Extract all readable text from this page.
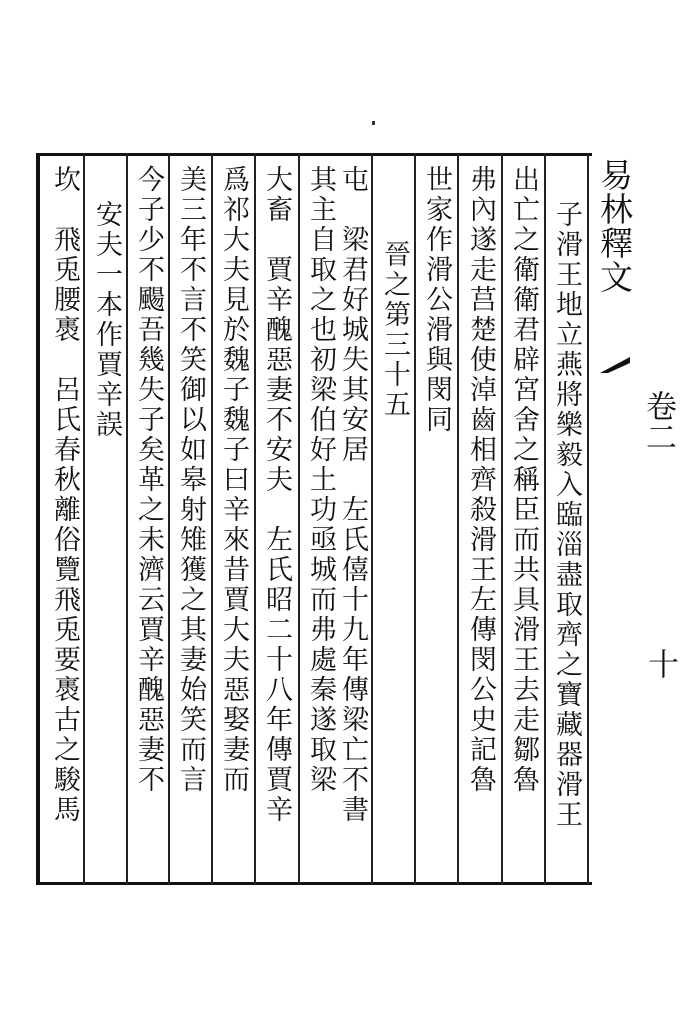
子滑王地立燕將樂毅入臨淄盡取齊之寶藏器滑王
出亡之衛衛君辟宮舍之稱臣而共具滑王去走鄒魯
弗內遂走莒楚使淖齒相齊殺滑王左傳閔公史記魯
世家作滑公滑與閔同
晉之第三十五
屯　梁君好城失其安居　左氏僖十九年傳梁亡不書
其主自取之也初梁伯好土功亟城而弗處秦遂取梁
大畜　賈辛醜惡妻不安夫　左氏昭二十八年傳賈辛
爲祁大夫見於魏子魏子曰辛來昔賈大夫惡娶妻而
美三年不言不笑御以如皋射雉獲之其妻始笑而言
今子少不颺吾幾失子矣革之未濟云賈辛醜惡妻不
安夫一本作賈辛誤
坎　飛兎腰褭　呂氏春秋離俗覽飛兎要褭古之駿馬	易林釋文
卷二
十
